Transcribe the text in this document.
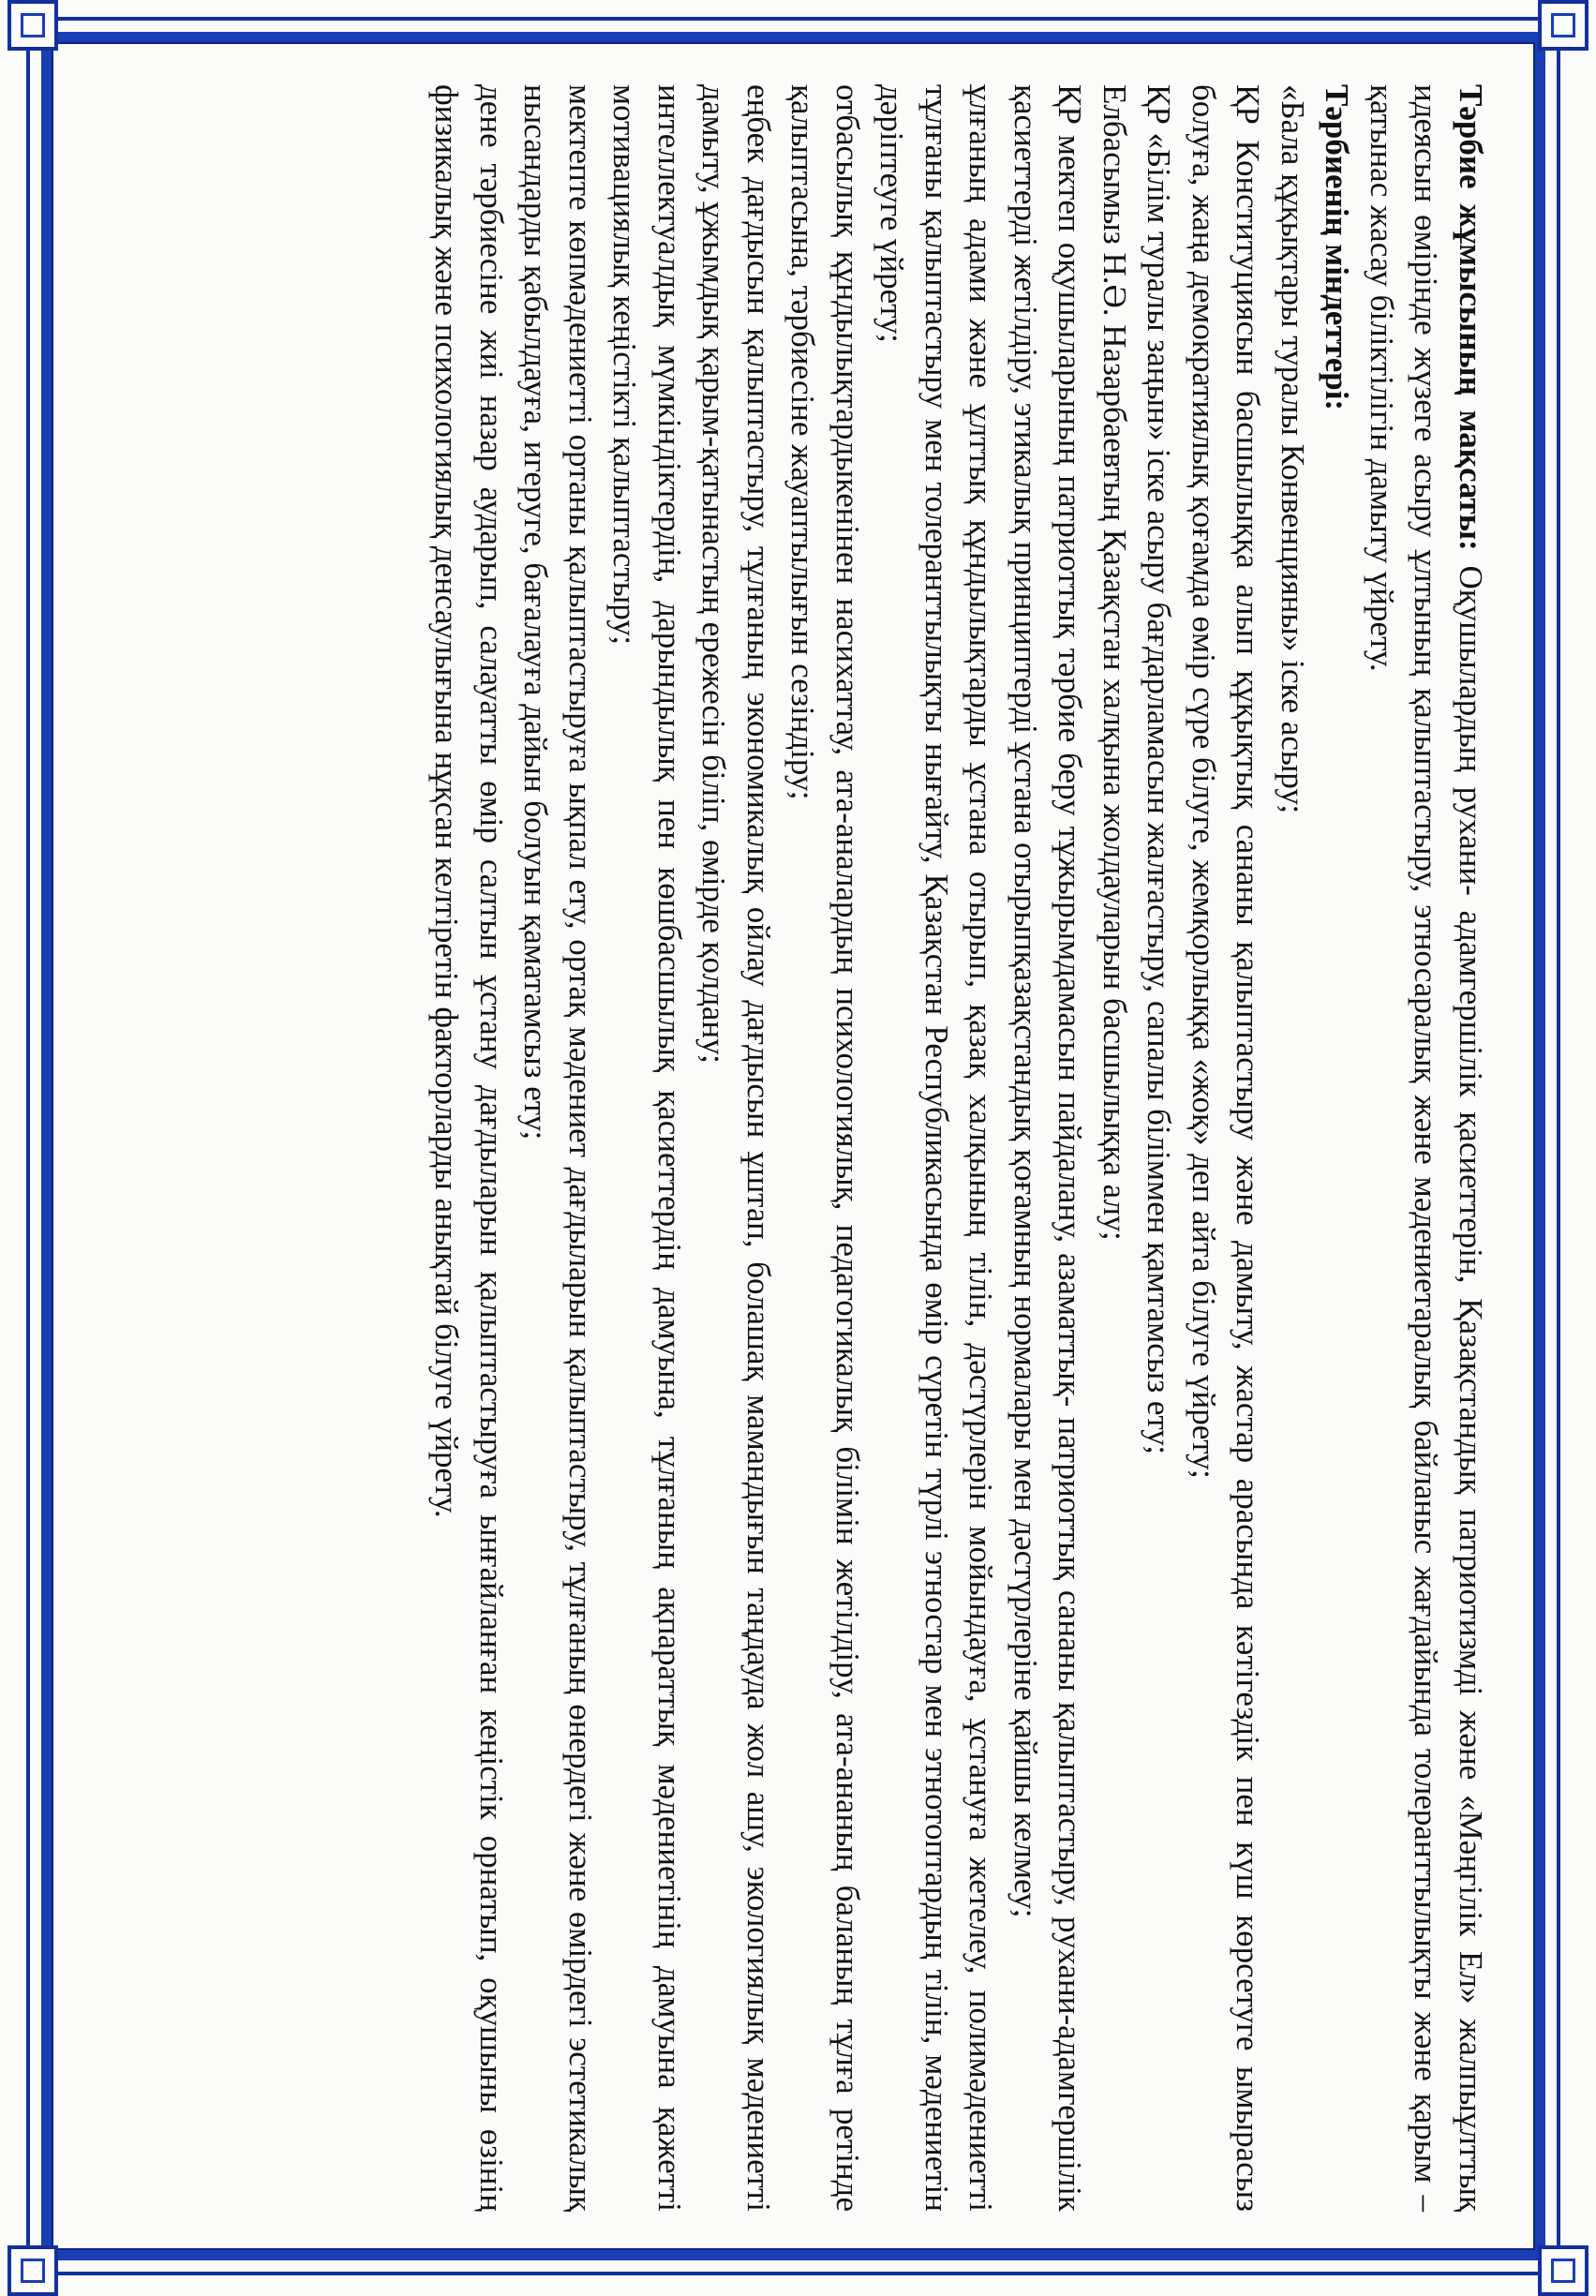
Тәрбие жұмысының мақсаты: Оқушылардың рухани- адамгершілік қасиеттерін, Қазақстандық патриотизмді және «Мәңгілік Ел» жалпыұлттық идеясын өмірінде жүзеге асыру ұлтының қалыптастыру, этносаралық және мәдениетаралық байланыс жағдайында толеранттылықты және қарым – қатынас жасау біліктілігін дамыту үйрету.

Тәрбиенің міндеттері:

«Бала құқықтары туралы Конвенцияны» іске асыру;

ҚР Конституциясын басшылыққа алып құқықтық сананы қалыптастыру және дамыту, жастар арасында кәтігездік пен күш көрсетуге ымырасыз болуға, жаңа демократиялық қоғамда өмір сүре білуге, жемқорлыққа «жоқ» деп айта білуге үйрету;

ҚР «Білім туралы заңын» іске асыру бағдарламасын жалғастыру, сапалы біліммен қамтамсыз ету;

Елбасымыз Н.Ә. Назарбаевтың Қазақстан халқына жолдауларын басшылыққа алу;

ҚР мектеп оқушыларының патриоттық тәрбие беру тұжырымдамасын пайдалану, азаматтық- патриоттық сананы қалыптастыру, рухани-адамгершілік қасиеттерді жетілдіру, этикалық принциптерді ұстана отырыпқазақстандық қоғамның нормалары мен дәстүрлеріне қайшы келмеу;

ұлғаның адами және ұлттық құндылықтарды ұстана отырып, қазақ халқының тілін, дәстүрлерін мойындауға, ұстануға жетелеу, полимәдениетті тұлғаны қалыптастыру мен толеранттылықты нығайту, Қазақстан Республикасында өмір сүретін түрлі этностар мен этнотоптардың тілін, мәдениетін дәріптеуге үйрету;

отбасылық құндылықтардыкенінен насихаттау, ата-аналардың психологиялық, педагогикалық білімін жетілдіру, ата-ананың баланың тұлға ретінде қалыптасына, тәрбиесіне жауаптылығын сезіндіру;

еңбек дағдысын қалыптастыру, тұлғаның экономикалық ойлау дағдысын ұштап, болашақ мамандығын таңдауда жол ашу, экологиялық мәдениетті дамыту, ұжымдық қарым-қатынастың ережесін біліп, өмірде қолдану;

интеллектуалдық мүмкіндіктердің, дарындылық пен көшбасшылық қасиеттердің дамуына, тұлғаның ақпараттық мәдениетінің дамуына қажетті мотивациялық кеңістікті қалыптастыру;

мектепте көпмәдениетті ортаны қалыптастыруға ықпал ету, ортақ мәдениет дағдыларын қалыптастыру, тұлғаның өнердегі және өмірдегі эстетикалық нысандарды қабылдауға, игеруге, бағалауға дайын болуын қаматамсыз ету;

дене тәрбиесіне жиі назар аударып, салауатты өмір салтын ұстану дағдыларын қалыптастыруға ынғайланған кеңістік орнатып, оқушыны өзінің физикалық және психологиялық денсаулығына нұқсан келтіретін факторларды анықтай білуге үйрету.
